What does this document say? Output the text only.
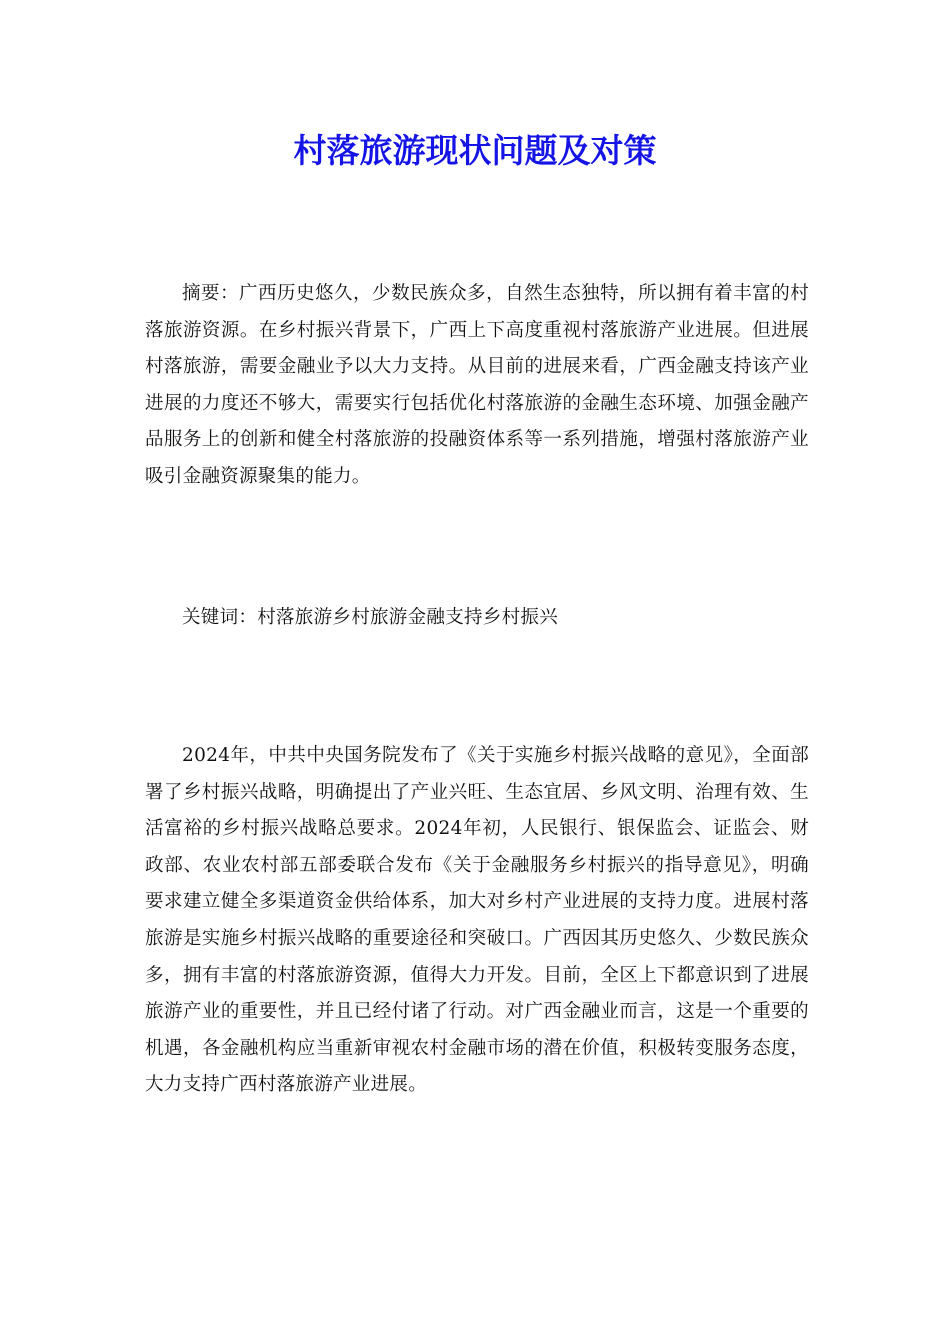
村落旅游现状问题及对策

摘要：广西历史悠久，少数民族众多，自然生态独特，所以拥有着丰富的村落旅游资源。在乡村振兴背景下，广西上下高度重视村落旅游产业进展。但进展村落旅游，需要金融业予以大力支持。从目前的进展来看，广西金融支持该产业进展的力度还不够大，需要实行包括优化村落旅游的金融生态环境、加强金融产品服务上的创新和健全村落旅游的投融资体系等一系列措施，增强村落旅游产业吸引金融资源聚集的能力。

关键词：村落旅游乡村旅游金融支持乡村振兴

2024年，中共中央国务院发布了《关于实施乡村振兴战略的意见》，全面部署了乡村振兴战略，明确提出了产业兴旺、生态宜居、乡风文明、治理有效、生活富裕的乡村振兴战略总要求。2024年初，人民银行、银保监会、证监会、财政部、农业农村部五部委联合发布《关于金融服务乡村振兴的指导意见》，明确要求建立健全多渠道资金供给体系，加大对乡村产业进展的支持力度。进展村落旅游是实施乡村振兴战略的重要途径和突破口。广西因其历史悠久、少数民族众多，拥有丰富的村落旅游资源，值得大力开发。目前，全区上下都意识到了进展旅游产业的重要性，并且已经付诸了行动。对广西金融业而言，这是一个重要的机遇，各金融机构应当重新审视农村金融市场的潜在价值，积极转变服务态度，大力支持广西村落旅游产业进展。
